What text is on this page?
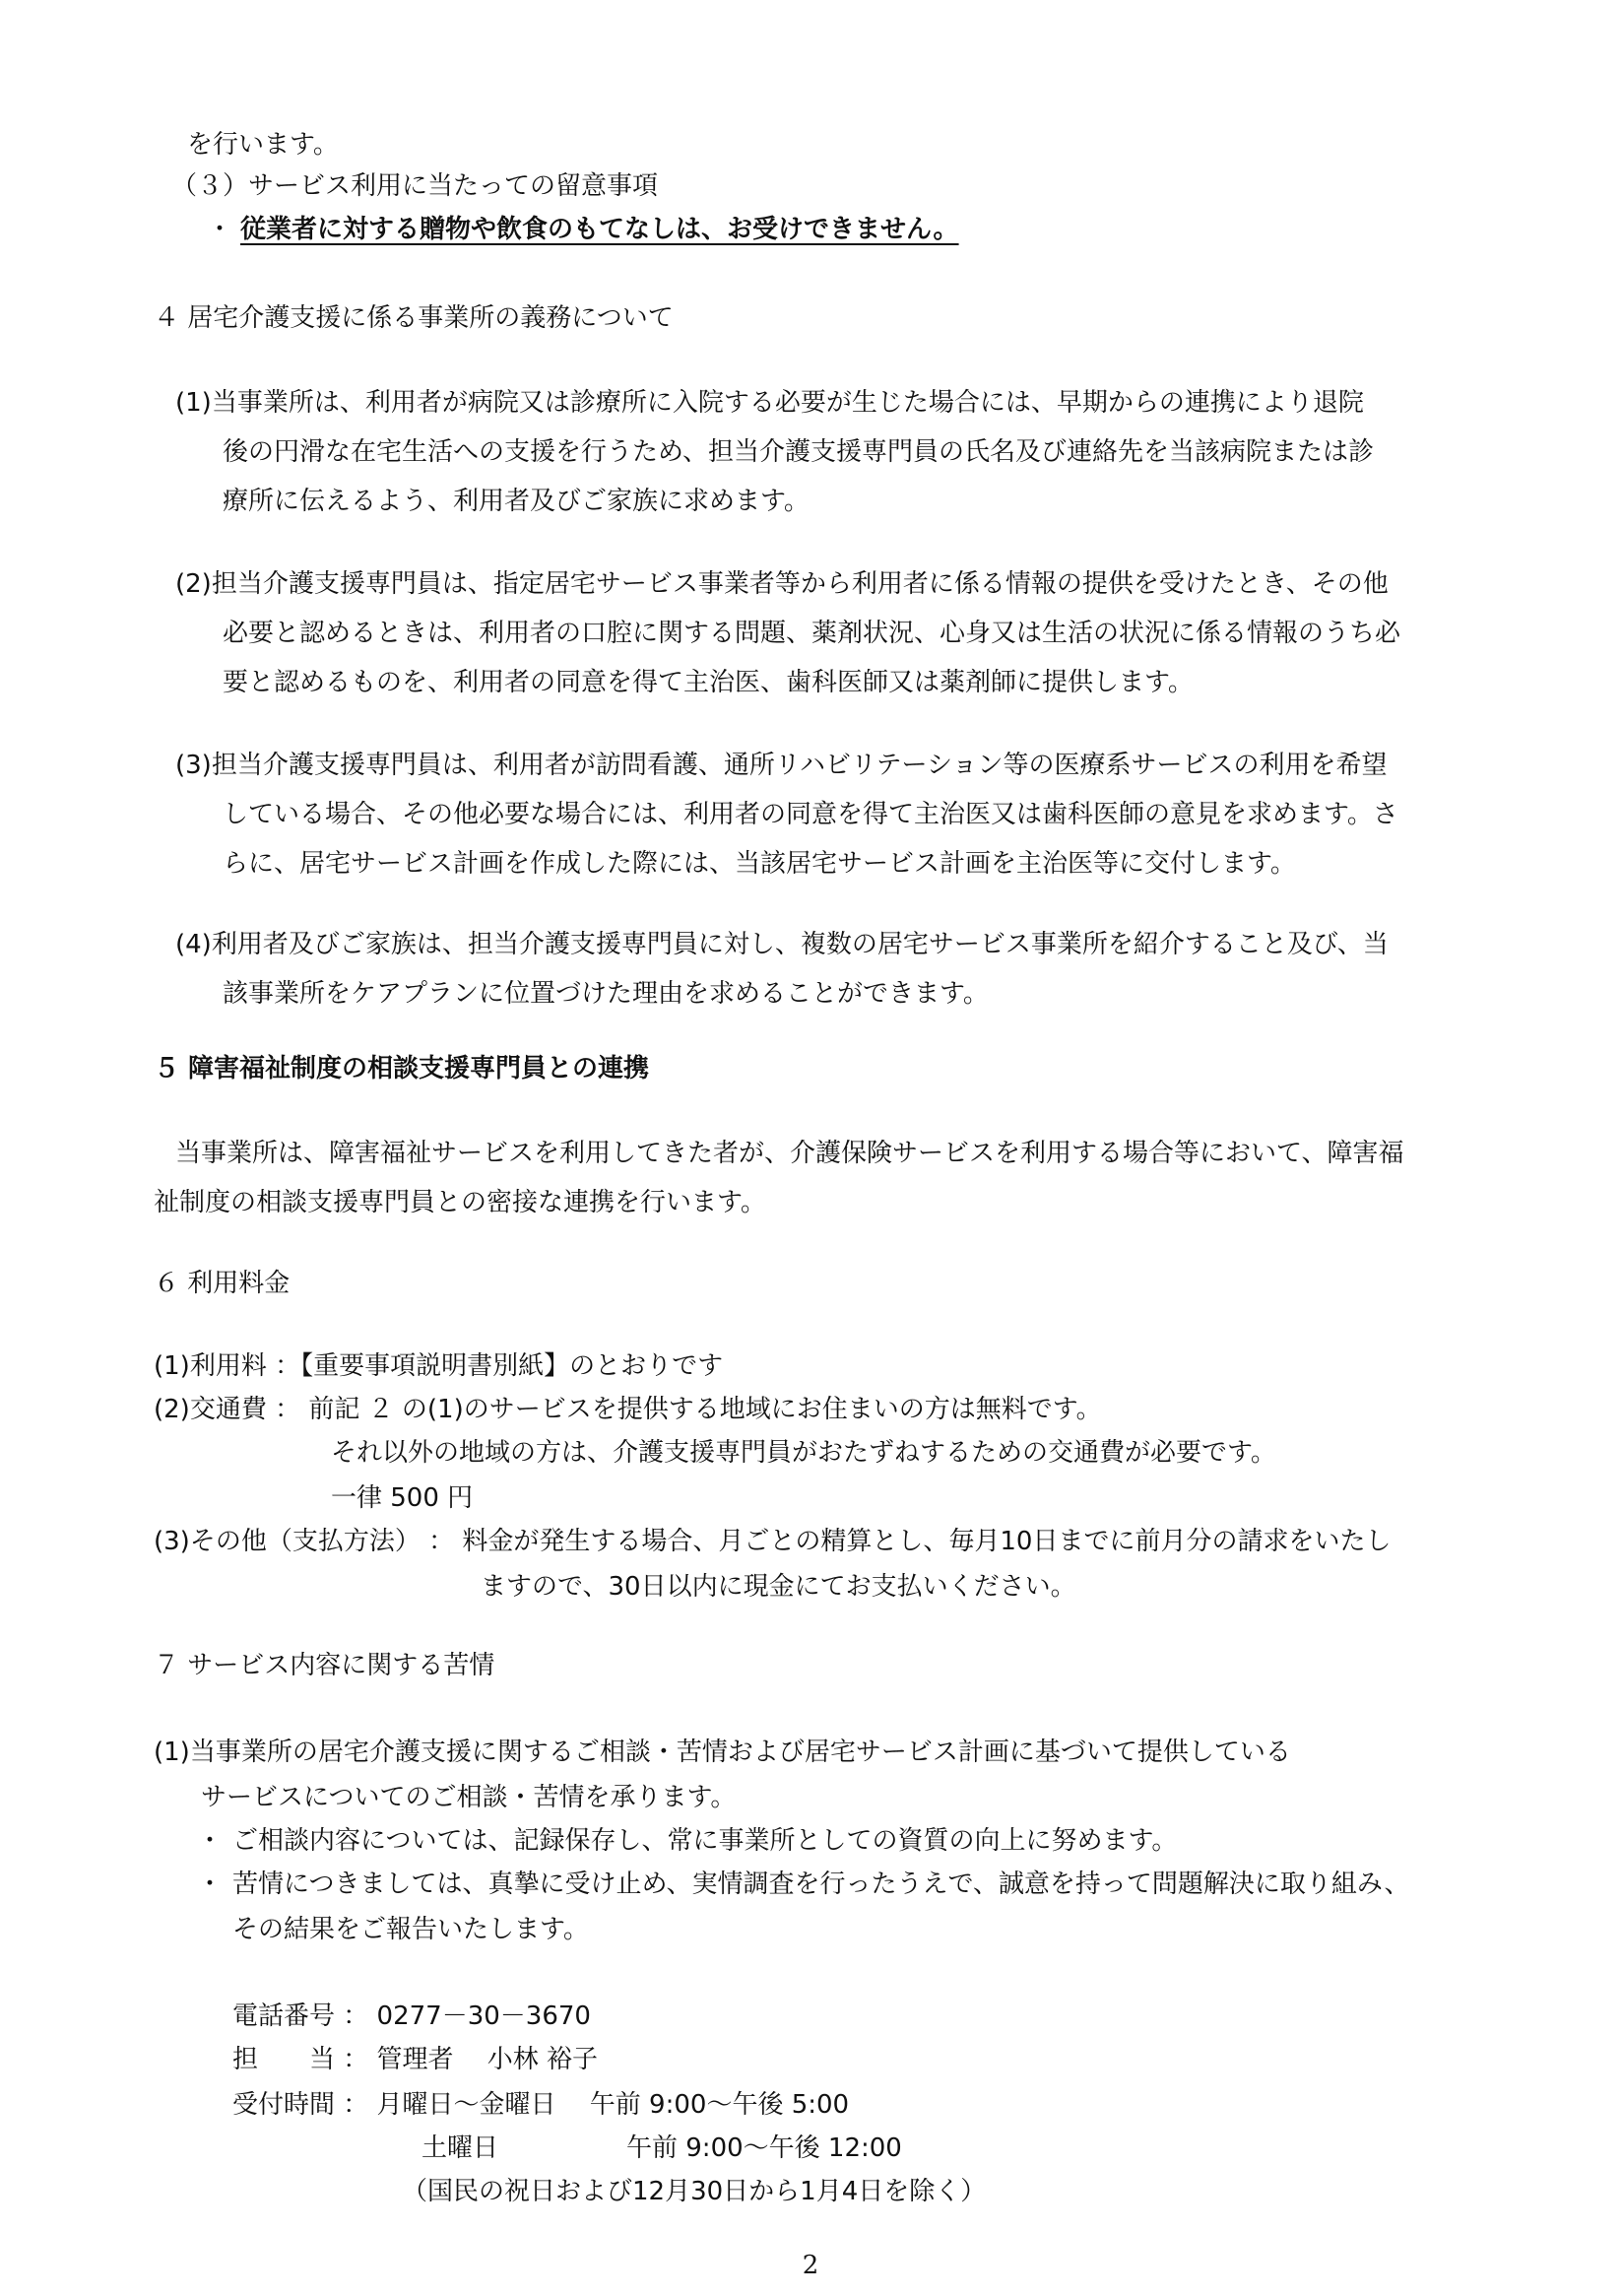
を行います。
（３）サービス利用に当たっての留意事項
・ 従業者に対する贈物や飲食のもてなしは、お受けできません。
４ 居宅介護支援に係る事業所の義務について
(1)当事業所は、利用者が病院又は診療所に入院する必要が生じた場合には、早期からの連携により退院
後の円滑な在宅生活への支援を行うため、担当介護支援専門員の氏名及び連絡先を当該病院または診
療所に伝えるよう、利用者及びご家族に求めます。
(2)担当介護支援専門員は、指定居宅サービス事業者等から利用者に係る情報の提供を受けたとき、その他
必要と認めるときは、利用者の口腔に関する問題、薬剤状況、心身又は生活の状況に係る情報のうち必
要と認めるものを、利用者の同意を得て主治医、歯科医師又は薬剤師に提供します。
(3)担当介護支援専門員は、利用者が訪問看護、通所リハビリテーション等の医療系サービスの利用を希望
している場合、その他必要な場合には、利用者の同意を得て主治医又は歯科医師の意見を求めます。さ
らに、居宅サービス計画を作成した際には、当該居宅サービス計画を主治医等に交付します。
(4)利用者及びご家族は、担当介護支援専門員に対し、複数の居宅サービス事業所を紹介すること及び、当
該事業所をケアプランに位置づけた理由を求めることができます。
５ 障害福祉制度の相談支援専門員との連携
当事業所は、障害福祉サービスを利用してきた者が、介護保険サービスを利用する場合等において、障害福
祉制度の相談支援専門員との密接な連携を行います。
６ 利用料金
(1)利用料 ：【重要事項説明書別紙】のとおりです
(2)交通費 ： 前記 ２ の(1)のサービスを提供する地域にお住まいの方は無料です。
それ以外の地域の方は、介護支援専門員がおたずねするための交通費が必要です。
一律 500 円
(3)その他（支払方法） ： 料金が発生する場合、月ごとの精算とし、毎月10日までに前月分の請求をいたし
ますので、30日以内に現金にてお支払いください。
７ サービス内容に関する苦情
(1)当事業所の居宅介護支援に関するご相談・苦情および居宅サービス計画に基づいて提供している
サービスについてのご相談・苦情を承ります。
・ ご相談内容については、記録保存し、常に事業所としての資質の向上に努めます。
・ 苦情につきましては、真摯に受け止め、実情調査を行ったうえで、誠意を持って問題解決に取り組み、
その結果をご報告いたします。
電話番号 ： 0277－30－3670
担　　当 ： 管理者　 小林 裕子
受付時間 ： 月曜日～金曜日　 午前 9:00～午後 5:00
土曜日　　　　　午前 9:00～午後 12:00
（国民の祝日および12月30日から1月4日を除く）
2
